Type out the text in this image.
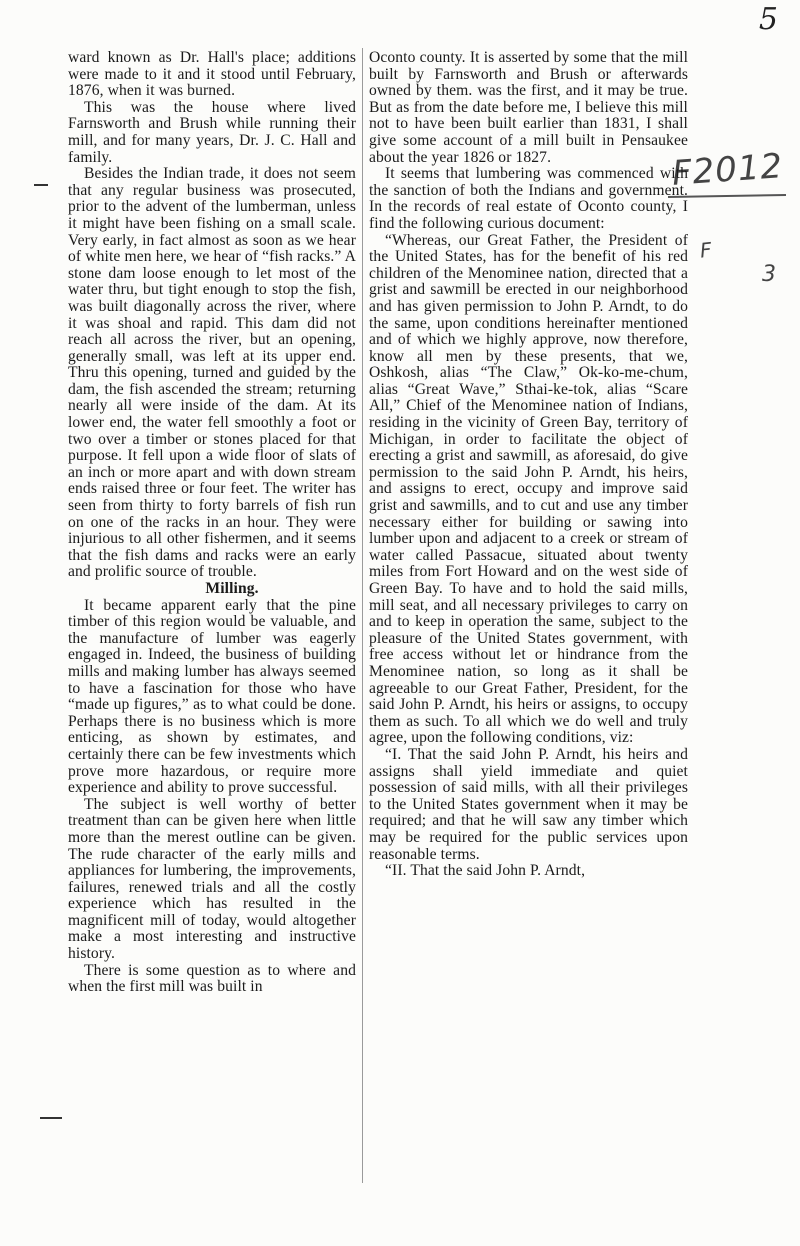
5
F2012
F
3

ward known as Dr. Hall's place; additions were made to it and it stood until February, 1876, when it was burned.

This was the house where lived Farnsworth and Brush while running their mill, and for many years, Dr. J. C. Hall and family.

Besides the Indian trade, it does not seem that any regular business was prosecuted, prior to the advent of the lumberman, unless it might have been fishing on a small scale. Very early, in fact almost as soon as we hear of white men here, we hear of “fish racks.” A stone dam loose enough to let most of the water thru, but tight enough to stop the fish, was built diagonally across the river, where it was shoal and rapid. This dam did not reach all across the river, but an opening, generally small, was left at its upper end. Thru this opening, turned and guided by the dam, the fish ascended the stream; returning nearly all were inside of the dam. At its lower end, the water fell smoothly a foot or two over a timber or stones placed for that purpose. It fell upon a wide floor of slats of an inch or more apart and with down stream ends raised three or four feet. The writer has seen from thirty to forty barrels of fish run on one of the racks in an hour. They were injurious to all other fishermen, and it seems that the fish dams and racks were an early and prolific source of trouble.

Milling.

It became apparent early that the pine timber of this region would be valuable, and the manufacture of lumber was eagerly engaged in. Indeed, the business of building mills and making lumber has always seemed to have a fascination for those who have “made up figures,” as to what could be done. Perhaps there is no business which is more enticing, as shown by estimates, and certainly there can be few investments which prove more hazardous, or require more experience and ability to prove successful.

The subject is well worthy of better treatment than can be given here when little more than the merest outline can be given. The rude character of the early mills and appliances for lumbering, the improvements, failures, renewed trials and all the costly experience which has resulted in the magnificent mill of today, would altogether make a most interesting and instructive history.

There is some question as to where and when the first mill was built in

Oconto county. It is asserted by some that the mill built by Farnsworth and Brush or afterwards owned by them. was the first, and it may be true. But as from the date before me, I believe this mill not to have been built earlier than 1831, I shall give some account of a mill built in Pensaukee about the year 1826 or 1827.

It seems that lumbering was commenced with the sanction of both the Indians and government. In the records of real estate of Oconto county, I find the following curious document:

“Whereas, our Great Father, the President of the United States, has for the benefit of his red children of the Menominee nation, directed that a grist and sawmill be erected in our neighborhood and has given permission to John P. Arndt, to do the same, upon conditions hereinafter mentioned and of which we highly approve, now therefore, know all men by these presents, that we, Oshkosh, alias “The Claw,” Ok-ko-me-chum, alias “Great Wave,” Sthai-ke-tok, alias “Scare All,” Chief of the Menominee nation of Indians, residing in the vicinity of Green Bay, territory of Michigan, in order to facilitate the object of erecting a grist and sawmill, as aforesaid, do give permission to the said John P. Arndt, his heirs, and assigns to erect, occupy and improve said grist and sawmills, and to cut and use any timber necessary either for building or sawing into lumber upon and adjacent to a creek or stream of water called Passacue, situated about twenty miles from Fort Howard and on the west side of Green Bay. To have and to hold the said mills, mill seat, and all necessary privileges to carry on and to keep in operation the same, subject to the pleasure of the United States government, with free access without let or hindrance from the Menominee nation, so long as it shall be agreeable to our Great Father, President, for the said John P. Arndt, his heirs or assigns, to occupy them as such. To all which we do well and truly agree, upon the following conditions, viz:

“I. That the said John P. Arndt, his heirs and assigns shall yield immediate and quiet possession of said mills, with all their privileges to the United States government when it may be required; and that he will saw any timber which may be required for the public services upon reasonable terms.

“II. That the said John P. Arndt,
